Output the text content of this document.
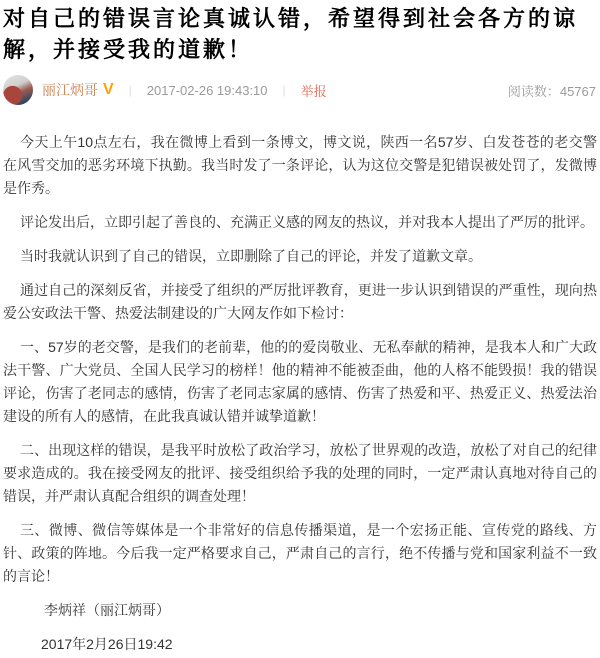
对自己的错误言论真诚认错，希望得到社会各方的谅解，并接受我的道歉！
丽江炳哥 V | 2017-02-26 19:43:10 | 举报	阅读数：45767

今天上午10点左右，我在微博上看到一条博文，博文说，陕西一名57岁、白发苍苍的老交警在风雪交加的恶劣环境下执勤。我当时发了一条评论，认为这位交警是犯错误被处罚了，发微博是作秀。

评论发出后，立即引起了善良的、充满正义感的网友的热议，并对我本人提出了严厉的批评。

当时我就认识到了自己的错误，立即删除了自己的评论，并发了道歉文章。

通过自己的深刻反省，并接受了组织的严厉批评教育，更进一步认识到错误的严重性，现向热爱公安政法干警、热爱法制建设的广大网友作如下检讨：

一、57岁的老交警，是我们的老前辈，他的的爱岗敬业、无私奉献的精神，是我本人和广大政法干警、广大党员、全国人民学习的榜样！他的精神不能被歪曲，他的人格不能毁损！我的错误评论，伤害了老同志的感情，伤害了老同志家属的感情、伤害了热爱和平、热爱正义、热爱法治建设的所有人的感情，在此我真诚认错并诚挚道歉！

二、出现这样的错误，是我平时放松了政治学习，放松了世界观的改造，放松了对自己的纪律要求造成的。我在接受网友的批评、接受组织给予我的处理的同时，一定严肃认真地对待自己的错误，并严肃认真配合组织的调查处理！

三、微博、微信等媒体是一个非常好的信息传播渠道，是一个宏扬正能、宣传党的路线、方针、政策的阵地。今后我一定严格要求自己，严肃自己的言行，绝不传播与党和国家利益不一致的言论！

李炳祥（丽江炳哥）

2017年2月26日19:42
